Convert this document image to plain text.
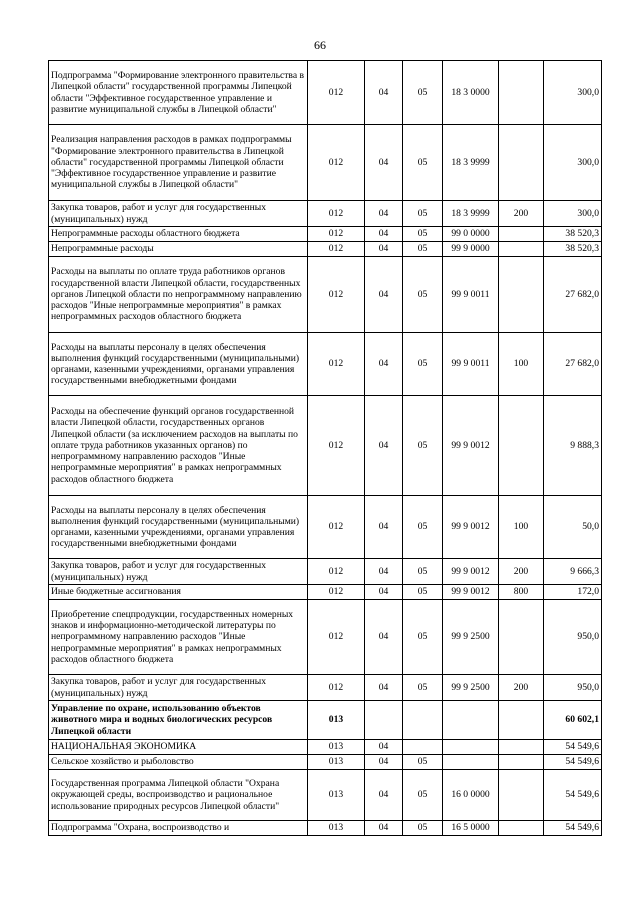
66
Подпрограмма "Формирование электронного правительства в Липецкой области" государственной программы Липецкой области "Эффективное государственное управление и развитие муниципальной службы в Липецкой области"	012	04	05	18 3 0000		300,0
Реализация направления расходов в рамках подпрограммы "Формирование электронного правительства в Липецкой области" государственной программы Липецкой области "Эффективное государственное управление и развитие муниципальной службы в Липецкой области"	012	04	05	18 3 9999		300,0
Закупка товаров, работ и услуг для государственных (муниципальных) нужд	012	04	05	18 3 9999	200	300,0
Непрограммные расходы областного бюджета	012	04	05	99 0 0000		38 520,3
Непрограммные расходы	012	04	05	99 9 0000		38 520,3
Расходы на выплаты по оплате труда работников органов государственной власти Липецкой области, государственных органов Липецкой области по непрограммному направлению расходов "Иные непрограммные мероприятия" в рамках непрограммных расходов областного бюджета	012	04	05	99 9 0011		27 682,0
Расходы на выплаты персоналу в целях обеспечения выполнения функций государственными (муниципальными) органами, казенными учреждениями, органами управления государственными внебюджетными фондами	012	04	05	99 9 0011	100	27 682,0
Расходы на обеспечение функций органов государственной власти Липецкой области, государственных органов Липецкой области (за исключением расходов на выплаты по оплате труда работников указанных органов) по непрограммному направлению расходов "Иные непрограммные мероприятия" в рамках непрограммных расходов областного бюджета	012	04	05	99 9 0012		9 888,3
Расходы на выплаты персоналу в целях обеспечения выполнения функций государственными (муниципальными) органами, казенными учреждениями, органами управления государственными внебюджетными фондами	012	04	05	99 9 0012	100	50,0
Закупка товаров, работ и услуг для государственных (муниципальных) нужд	012	04	05	99 9 0012	200	9 666,3
Иные бюджетные ассигнования	012	04	05	99 9 0012	800	172,0
Приобретение спецпродукции, государственных номерных знаков и информационно-методической литературы по непрограммному направлению расходов "Иные непрограммные мероприятия" в рамках непрограммных расходов областного бюджета	012	04	05	99 9 2500		950,0
Закупка товаров, работ и услуг для государственных (муниципальных) нужд	012	04	05	99 9 2500	200	950,0
Управление по охране, использованию объектов животного мира и водных биологических ресурсов Липецкой области	013					60 602,1
НАЦИОНАЛЬНАЯ ЭКОНОМИКА	013	04				54 549,6
Сельское хозяйство и рыболовство	013	04	05			54 549,6
Государственная программа Липецкой области "Охрана окружающей среды, воспроизводство и рациональное использование природных ресурсов Липецкой области"	013	04	05	16 0 0000		54 549,6
Подпрограмма "Охрана, воспроизводство и	013	04	05	16 5 0000		54 549,6
